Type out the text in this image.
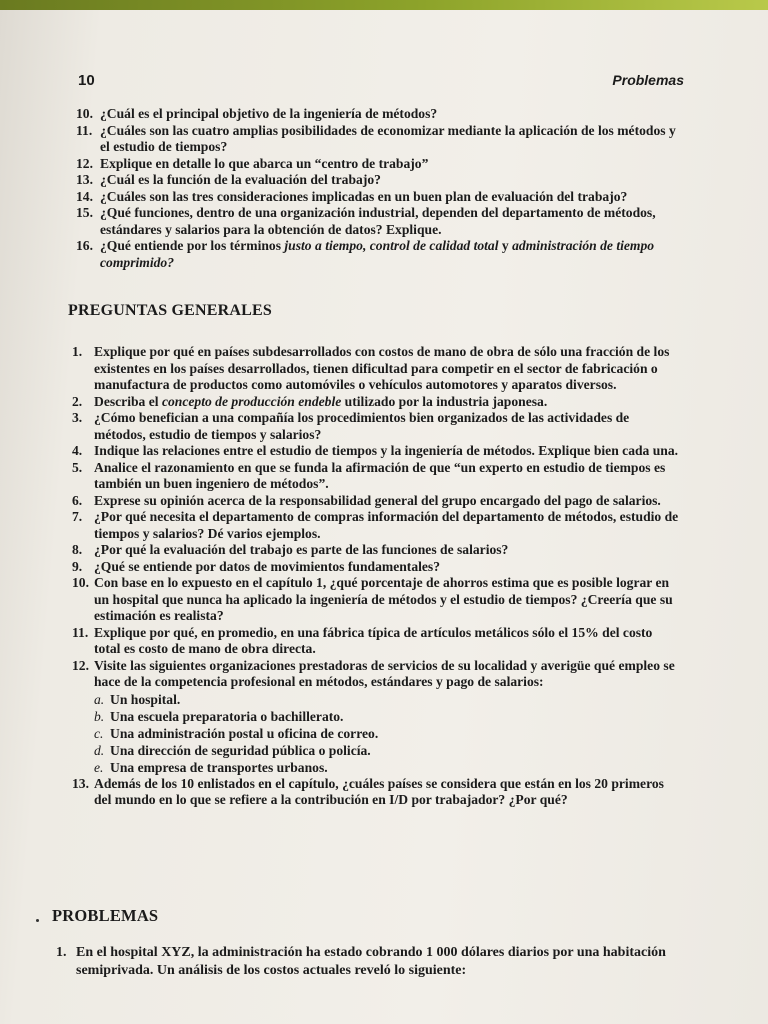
10	Problemas
10. ¿Cuál es el principal objetivo de la ingeniería de métodos?
11. ¿Cuáles son las cuatro amplias posibilidades de economizar mediante la aplicación de los métodos y el estudio de tiempos?
12. Explique en detalle lo que abarca un “centro de trabajo”
13. ¿Cuál es la función de la evaluación del trabajo?
14. ¿Cuáles son las tres consideraciones implicadas en un buen plan de evaluación del trabajo?
15. ¿Qué funciones, dentro de una organización industrial, dependen del departamento de métodos, estándares y salarios para la obtención de datos? Explique.
16. ¿Qué entiende por los términos justo a tiempo, control de calidad total y administración de tiempo comprimido?
PREGUNTAS GENERALES
1. Explique por qué en países subdesarrollados con costos de mano de obra de sólo una fracción de los existentes en los países desarrollados, tienen dificultad para competir en el sector de fabricación o manufactura de productos como automóviles o vehículos automotores y aparatos diversos.
2. Describa el concepto de producción endeble utilizado por la industria japonesa.
3. ¿Cómo benefician a una compañía los procedimientos bien organizados de las actividades de métodos, estudio de tiempos y salarios?
4. Indique las relaciones entre el estudio de tiempos y la ingeniería de métodos. Explique bien cada una.
5. Analice el razonamiento en que se funda la afirmación de que “un experto en estudio de tiempos es también un buen ingeniero de métodos”.
6. Exprese su opinión acerca de la responsabilidad general del grupo encargado del pago de salarios.
7. ¿Por qué necesita el departamento de compras información del departamento de métodos, estudio de tiempos y salarios? Dé varios ejemplos.
8. ¿Por qué la evaluación del trabajo es parte de las funciones de salarios?
9. ¿Qué se entiende por datos de movimientos fundamentales?
10. Con base en lo expuesto en el capítulo 1, ¿qué porcentaje de ahorros estima que es posible lograr en un hospital que nunca ha aplicado la ingeniería de métodos y el estudio de tiempos? ¿Creería que su estimación es realista?
11. Explique por qué, en promedio, en una fábrica típica de artículos metálicos sólo el 15% del costo total es costo de mano de obra directa.
12. Visite las siguientes organizaciones prestadoras de servicios de su localidad y averigüe qué empleo se hace de la competencia profesional en métodos, estándares y pago de salarios:
a. Un hospital.
b. Una escuela preparatoria o bachillerato.
c. Una administración postal u oficina de correo.
d. Una dirección de seguridad pública o policía.
e. Una empresa de transportes urbanos.
13. Además de los 10 enlistados en el capítulo, ¿cuáles países se considera que están en los 20 primeros del mundo en lo que se refiere a la contribución en I/D por trabajador? ¿Por qué?
PROBLEMAS
1. En el hospital XYZ, la administración ha estado cobrando 1 000 dólares diarios por una habitación semiprivada. Un análisis de los costos actuales reveló lo siguiente:
